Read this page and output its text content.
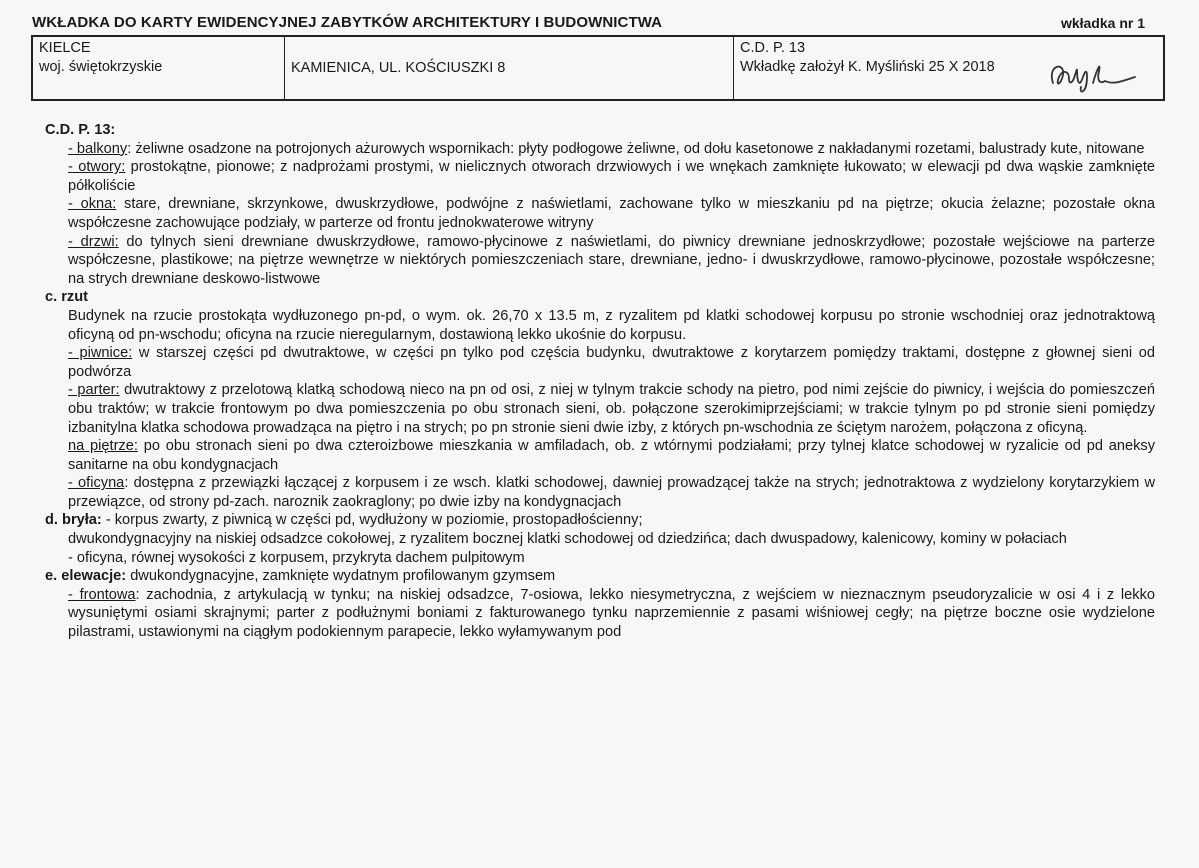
WKŁADKA DO KARTY EWIDENCYJNEJ ZABYTKÓW ARCHITEKTURY I BUDOWNICTWA	wkładka nr 1
KIELCE
woj. świętokrzyskie	KAMIENICA, UL. KOŚCIUSZKI 8
C.D. P. 13
Wkładkę założył K. Myśliński 25 X 2018

C.D. P. 13:

- balkony: żeliwne osadzone na potrojonych ażurowych wspornikach: płyty podłogowe żeliwne, od dołu kasetonowe z nakładanymi rozetami, balustrady kute, nitowane

- otwory: prostokątne, pionowe; z nadprożami prostymi, w nielicznych otworach drzwiowych i we wnękach zamknięte łukowato; w elewacji pd dwa wąskie zamknięte półkoliście

- okna: stare, drewniane, skrzynkowe, dwuskrzydłowe, podwójne z naświetlami, zachowane tylko w mieszkaniu pd na piętrze; okucia żelazne; pozostałe okna współczesne zachowujące podziały, w parterze od frontu jednokwaterowe witryny

- drzwi: do tylnych sieni drewniane dwuskrzydłowe, ramowo-płycinowe z naświetlami, do piwnicy drewniane jednoskrzydłowe; pozostałe wejściowe na parterze współczesne, plastikowe; na piętrze wewnętrze w niektórych pomieszczeniach stare, drewniane, jedno- i dwuskrzydłowe, ramowo-płycinowe, pozostałe współczesne; na strych drewniane deskowo-listwowe

c. rzut

Budynek na rzucie prostokąta wydłuzonego pn-pd, o wym. ok. 26,70 x 13.5 m, z ryzalitem pd klatki schodowej korpusu po stronie wschodniej oraz jednotraktową oficyną od pn-wschodu; oficyna na rzucie nieregularnym, dostawioną lekko ukośnie do korpusu.

- piwnice: w starszej części pd dwutraktowe, w części pn tylko pod częścia budynku, dwutraktowe z korytarzem pomiędzy traktami, dostępne z głownej sieni od podwórza

- parter: dwutraktowy z przelotową klatką schodową nieco na pn od osi, z niej w tylnym trakcie schody na pietro, pod nimi zejście do piwnicy, i wejścia do pomieszczeń obu traktów; w trakcie frontowym po dwa pomieszczenia po obu stronach sieni, ob. połączone szerokimiprzejściami; w trakcie tylnym po pd stronie sieni pomiędzy izbanitylna klatka schodowa prowadząca na piętro i na strych; po pn stronie sieni dwie izby, z których pn-wschodnia ze ściętym narożem, połączona z oficyną.

na piętrze: po obu stronach sieni po dwa czteroizbowe mieszkania w amfiladach, ob. z wtórnymi podziałami; przy tylnej klatce schodowej w ryzalicie od pd aneksy sanitarne na obu kondygnacjach

- oficyna: dostępna z przewiązki łączącej z korpusem i ze wsch. klatki schodowej, dawniej prowadzącej także na strych; jednotraktowa z wydzielony korytarzykiem w przewiązce, od strony pd-zach. naroznik zaokraglony; po dwie izby na kondygnacjach

d. bryła: - korpus zwarty, z piwnicą w części pd, wydłużony w poziomie, prostopadłościenny;

dwukondygnacyjny na niskiej odsadzce cokołowej, z ryzalitem bocznej klatki schodowej od dziedzińca; dach dwuspadowy, kalenicowy, kominy w połaciach

- oficyna, równej wysokości z korpusem, przykryta dachem pulpitowym

e. elewacje: dwukondygnacyjne, zamknięte wydatnym profilowanym gzymsem

- frontowa: zachodnia, z artykulacją w tynku; na niskiej odsadzce, 7-osiowa, lekko niesymetryczna, z wejściem w nieznacznym pseudoryzalicie w osi 4 i z lekko wysuniętymi osiami skrajnymi; parter z podłużnymi boniami z fakturowanego tynku naprzemiennie z pasami wiśniowej cegły; na piętrze boczne osie wydzielone pilastrami, ustawionymi na ciągłym podokiennym parapecie, lekko wyłamywanym pod
